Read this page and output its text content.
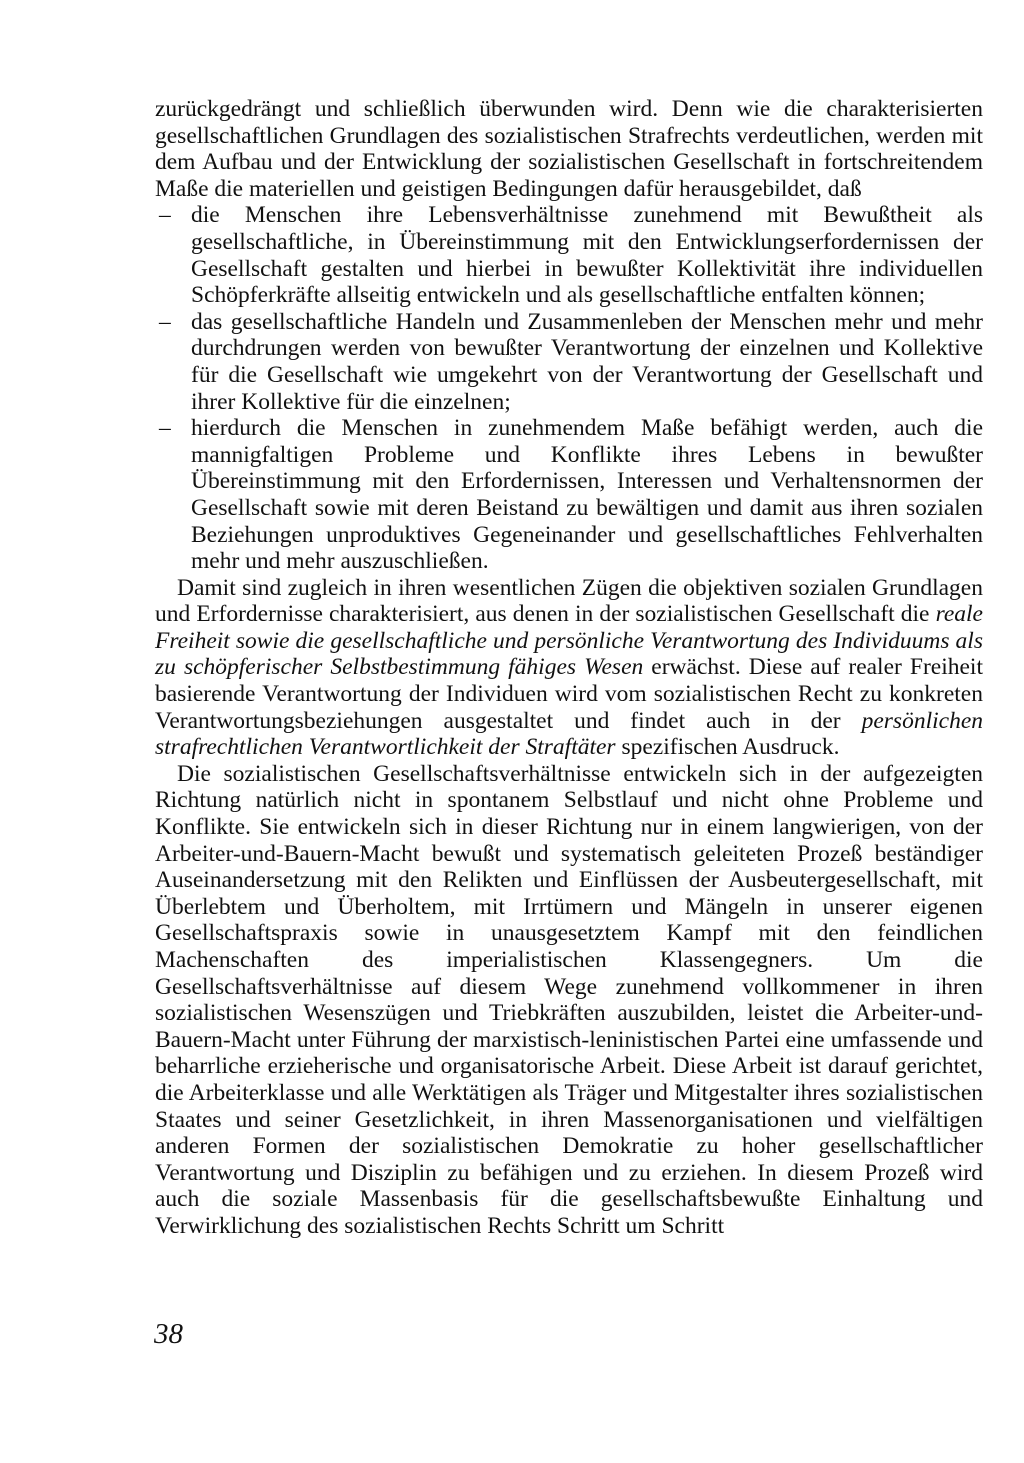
zurückgedrängt und schließlich überwunden wird. Denn wie die charakterisierten gesellschaftlichen Grundlagen des sozialistischen Strafrechts verdeutlichen, werden mit dem Aufbau und der Entwicklung der sozialistischen Gesellschaft in fortschreitendem Maße die materiellen und geistigen Bedingungen dafür herausgebildet, daß

– die Menschen ihre Lebensverhältnisse zunehmend mit Bewußtheit als gesellschaftliche, in Übereinstimmung mit den Entwicklungserfordernissen der Gesellschaft gestalten und hierbei in bewußter Kollektivität ihre individuellen Schöpferkräfte allseitig entwickeln und als gesellschaftliche entfalten können;
– das gesellschaftliche Handeln und Zusammenleben der Menschen mehr und mehr durchdrungen werden von bewußter Verantwortung der einzelnen und Kollektive für die Gesellschaft wie umgekehrt von der Verantwortung der Gesellschaft und ihrer Kollektive für die einzelnen;
– hierdurch die Menschen in zunehmendem Maße befähigt werden, auch die mannigfaltigen Probleme und Konflikte ihres Lebens in bewußter Übereinstimmung mit den Erfordernissen, Interessen und Verhaltensnormen der Gesellschaft sowie mit deren Beistand zu bewältigen und damit aus ihren sozialen Beziehungen unproduktives Gegeneinander und gesellschaftliches Fehlverhalten mehr und mehr auszuschließen.

Damit sind zugleich in ihren wesentlichen Zügen die objektiven sozialen Grundlagen und Erfordernisse charakterisiert, aus denen in der sozialistischen Gesellschaft die reale Freiheit sowie die gesellschaftliche und persönliche Verantwortung des Individuums als zu schöpferischer Selbstbestimmung fähiges Wesen erwächst. Diese auf realer Freiheit basierende Verantwortung der Individuen wird vom sozialistischen Recht zu konkreten Verantwortungsbeziehungen ausgestaltet und findet auch in der persönlichen strafrechtlichen Verantwortlichkeit der Straftäter spezifischen Ausdruck.

Die sozialistischen Gesellschaftsverhältnisse entwickeln sich in der aufgezeigten Richtung natürlich nicht in spontanem Selbstlauf und nicht ohne Probleme und Konflikte. Sie entwickeln sich in dieser Richtung nur in einem langwierigen, von der Arbeiter-und-Bauern-Macht bewußt und systematisch geleiteten Prozeß beständiger Auseinandersetzung mit den Relikten und Einflüssen der Ausbeutergesellschaft, mit Überlebtem und Überholtem, mit Irrtümern und Mängeln in unserer eigenen Gesellschaftspraxis sowie in unausgesetztem Kampf mit den feindlichen Machenschaften des imperialistischen Klassengegners. Um die Gesellschaftsverhältnisse auf diesem Wege zunehmend vollkommener in ihren sozialistischen Wesenszügen und Triebkräften auszubilden, leistet die Arbeiter-und-Bauern-Macht unter Führung der marxistisch-leninistischen Partei eine umfassende und beharrliche erzieherische und organisatorische Arbeit. Diese Arbeit ist darauf gerichtet, die Arbeiterklasse und alle Werktätigen als Träger und Mitgestalter ihres sozialistischen Staates und seiner Gesetzlichkeit, in ihren Massenorganisationen und vielfältigen anderen Formen der sozialistischen Demokratie zu hoher gesellschaftlicher Verantwortung und Disziplin zu befähigen und zu erziehen. In diesem Prozeß wird auch die soziale Massenbasis für die gesellschaftsbewußte Einhaltung und Verwirklichung des sozialistischen Rechts Schritt um Schritt

38
